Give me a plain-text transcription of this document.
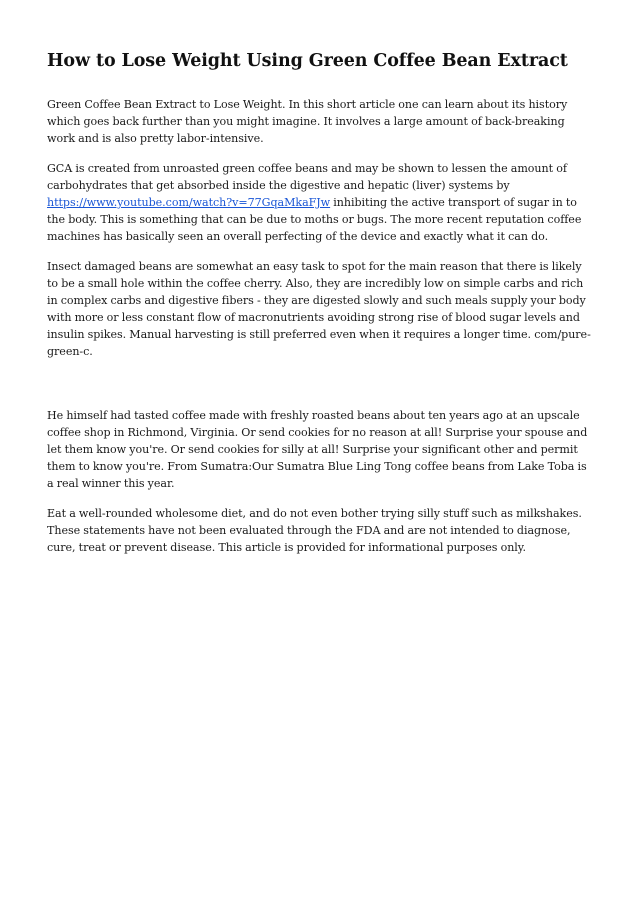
How to Lose Weight Using Green Coffee Bean Extract

Green Coffee Bean Extract to Lose Weight. In this short article one can learn about its history which goes back further than you might imagine. It involves a large amount of back-breaking work and is also pretty labor-intensive.

GCA is created from unroasted green coffee beans and may be shown to lessen the amount of carbohydrates that get absorbed inside the digestive and hepatic (liver) systems by https://www.youtube.com/watch?v=77GqaMkaFJw inhibiting the active transport of sugar in to the body. This is something that can be due to moths or bugs. The more recent reputation coffee machines has basically seen an overall perfecting of the device and exactly what it can do.

Insect damaged beans are somewhat an easy task to spot for the main reason that there is likely to be a small hole within the coffee cherry. Also, they are incredibly low on simple carbs and rich in complex carbs and digestive fibers - they are digested slowly and such meals supply your body with more or less constant flow of macronutrients avoiding strong rise of blood sugar levels and insulin spikes. Manual harvesting is still preferred even when it requires a longer time. com/pure-green-c.

He himself had tasted coffee made with freshly roasted beans about ten years ago at an upscale coffee shop in Richmond, Virginia. Or send cookies for no reason at all! Surprise your spouse and let them know you're. Or send cookies for silly at all! Surprise your significant other and permit them to know you're. From Sumatra:Our Sumatra Blue Ling Tong coffee beans from Lake Toba is a real winner this year.

Eat a well-rounded wholesome diet, and do not even bother trying silly stuff such as milkshakes. These statements have not been evaluated through the FDA and are not intended to diagnose, cure, treat or prevent disease. This article is provided for informational purposes only.
